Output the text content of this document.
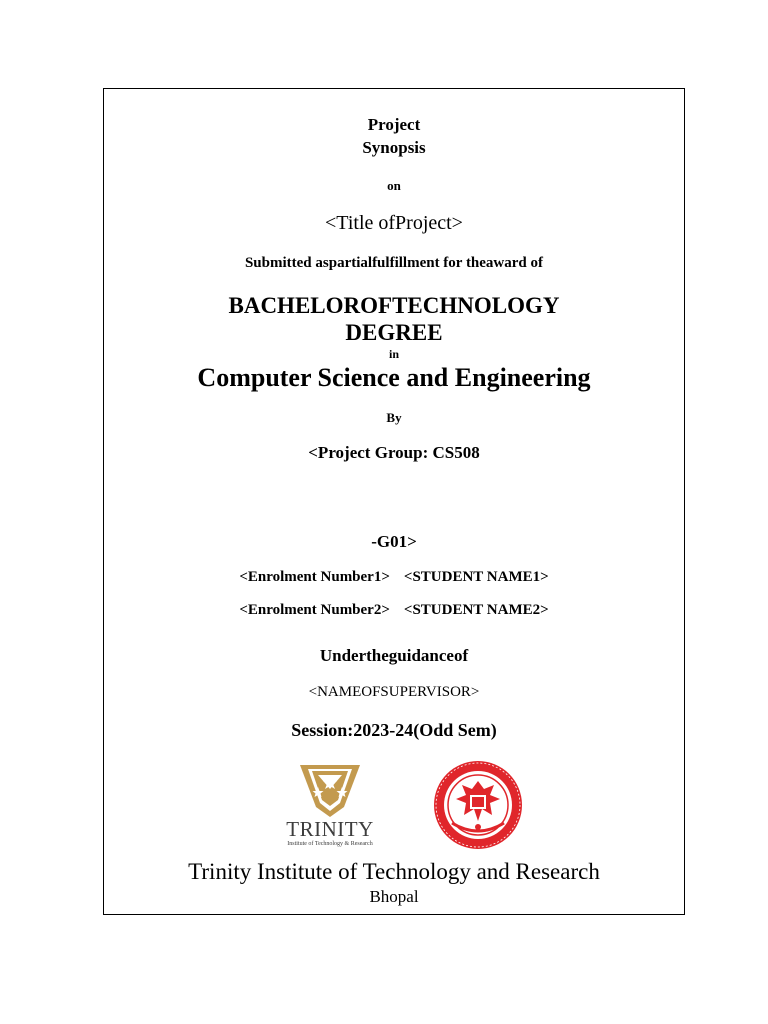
Project
Synopsis
on
<Title ofProject>
Submitted aspartialfulfillment for theaward of
BACHELOROFTECHNOLOGY
DEGREE
in
Computer Science and Engineering
By
<Project Group: CS508
-G01>
<Enrolment Number1> <STUDENT NAME1>
<Enrolment Number2> <STUDENT NAME2>
Undertheguidanceof
<NAMEOFSUPERVISOR>
Session:2023-24(Odd Sem)
TRINITY
Institute of Technology & Research
Trinity Institute of Technology and Research
Bhopal
